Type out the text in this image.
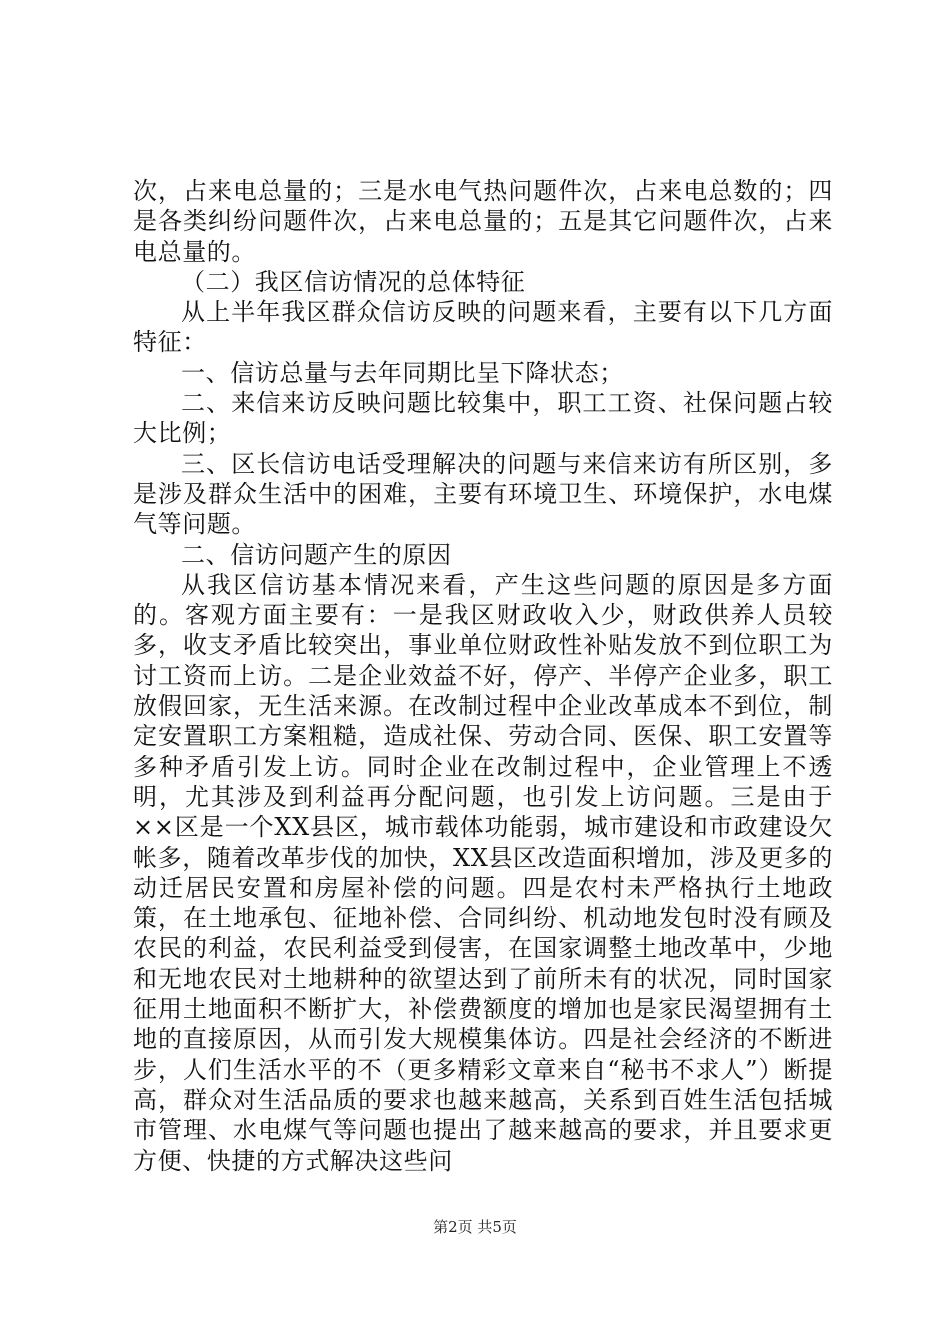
次，占来电总量的；三是水电气热问题件次，占来电总数的；四是各类纠纷问题件次，占来电总量的；五是其它问题件次，占来电总量的。

（二）我区信访情况的总体特征

从上半年我区群众信访反映的问题来看，主要有以下几方面特征：

一、信访总量与去年同期比呈下降状态；

二、来信来访反映问题比较集中，职工工资、社保问题占较大比例；

三、区长信访电话受理解决的问题与来信来访有所区别，多是涉及群众生活中的困难，主要有环境卫生、环境保护，水电煤气等问题。

二、信访问题产生的原因

从我区信访基本情况来看，产生这些问题的原因是多方面的。客观方面主要有：一是我区财政收入少，财政供养人员较多，收支矛盾比较突出，事业单位财政性补贴发放不到位职工为讨工资而上访。二是企业效益不好，停产、半停产企业多，职工放假回家，无生活来源。在改制过程中企业改革成本不到位，制定安置职工方案粗糙，造成社保、劳动合同、医保、职工安置等多种矛盾引发上访。同时企业在改制过程中，企业管理上不透明，尤其涉及到利益再分配问题，也引发上访问题。三是由于××区是一个XX县区，城市载体功能弱，城市建设和市政建设欠帐多，随着改革步伐的加快，XX县区改造面积增加，涉及更多的动迁居民安置和房屋补偿的问题。四是农村未严格执行土地政策，在土地承包、征地补偿、合同纠纷、机动地发包时没有顾及农民的利益，农民利益受到侵害，在国家调整土地改革中，少地和无地农民对土地耕种的欲望达到了前所未有的状况，同时国家征用土地面积不断扩大，补偿费额度的增加也是家民渴望拥有土地的直接原因，从而引发大规模集体访。四是社会经济的不断进步，人们生活水平的不（更多精彩文章来自“秘书不求人”）断提高，群众对生活品质的要求也越来越高，关系到百姓生活包括城市管理、水电煤气等问题也提出了越来越高的要求，并且要求更方便、快捷的方式解决这些问

第2页 共5页
